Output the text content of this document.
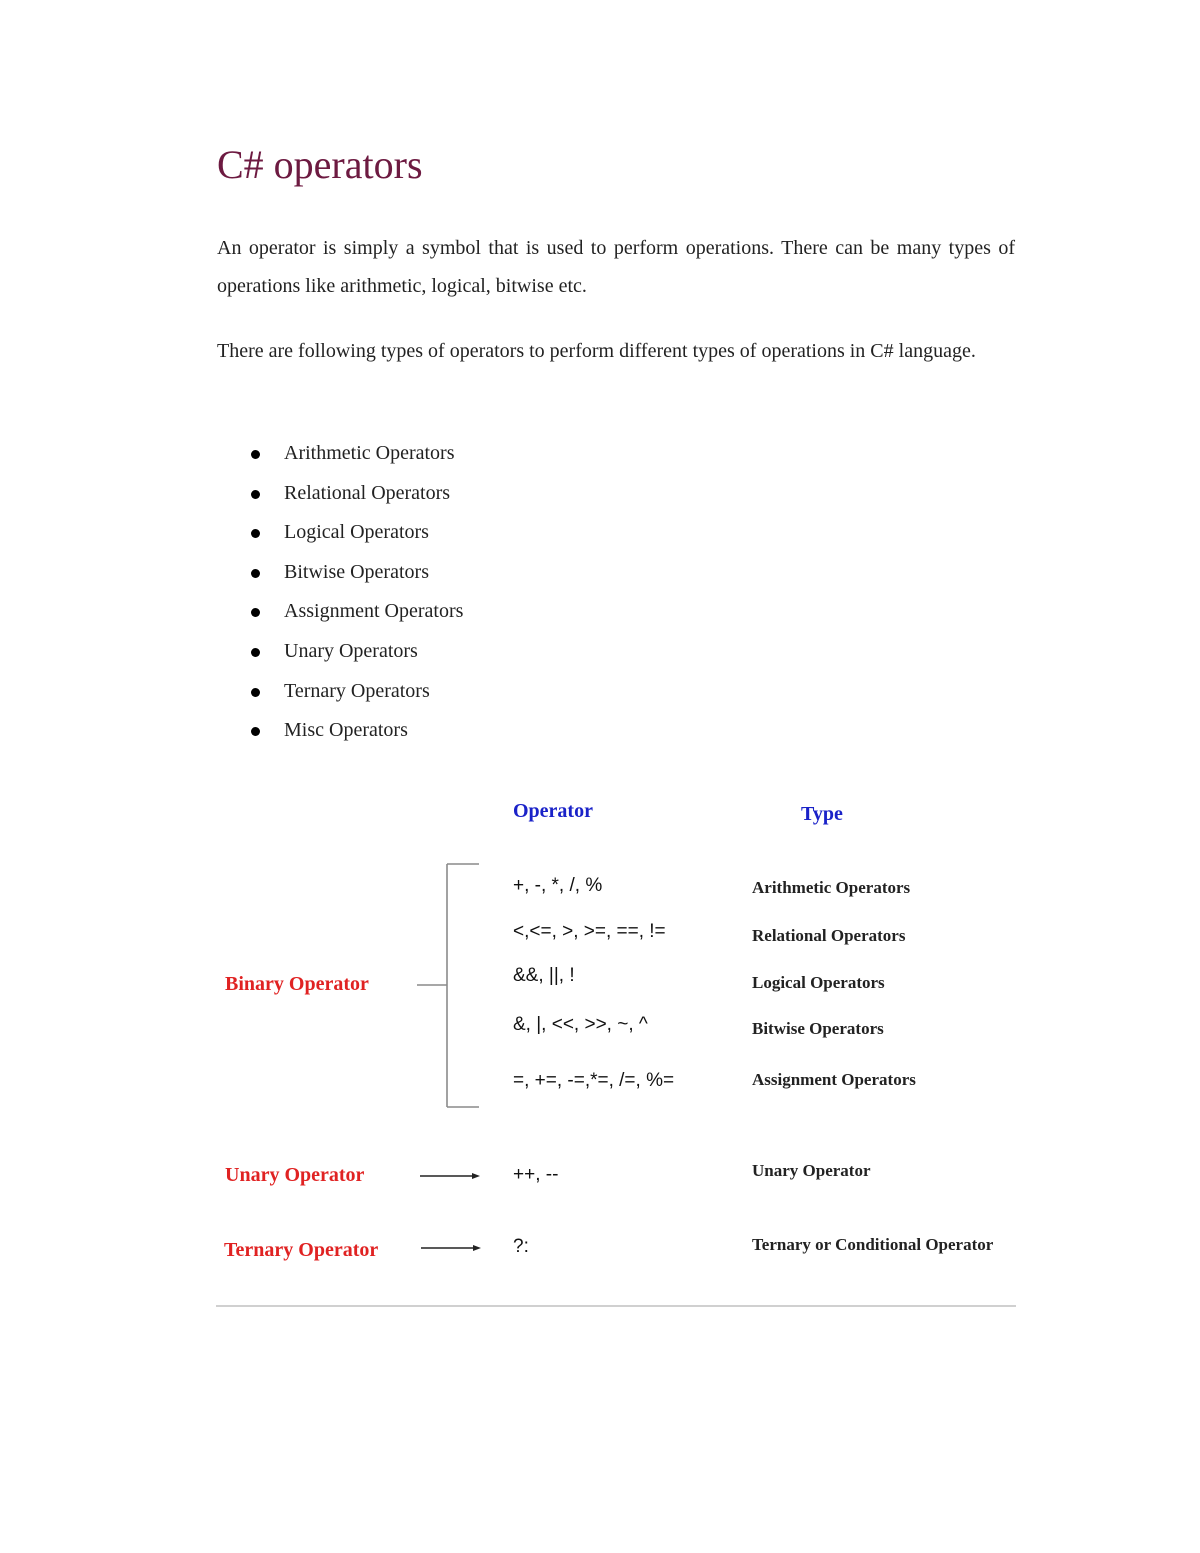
C# operators

An operator is simply a symbol that is used to perform operations. There can be many types of operations like arithmetic, logical, bitwise etc.

There are following types of operators to perform different types of operations in C# language.

Arithmetic Operators
Relational Operators
Logical Operators
Bitwise Operators
Assignment Operators
Unary Operators
Ternary Operators
Misc Operators
Operator	Type
Binary Operator
Unary Operator
Ternary Operator
+, -, *, /, %	Arithmetic Operators
<,<=, >, >=, ==, !=	Relational Operators
&&, ||, !	Logical Operators
&, |, <<, >>, ~, ^	Bitwise Operators
=, +=, -=,*=, /=, %=	Assignment Operators
++, --	Unary Operator
?:	Ternary or Conditional Operator
